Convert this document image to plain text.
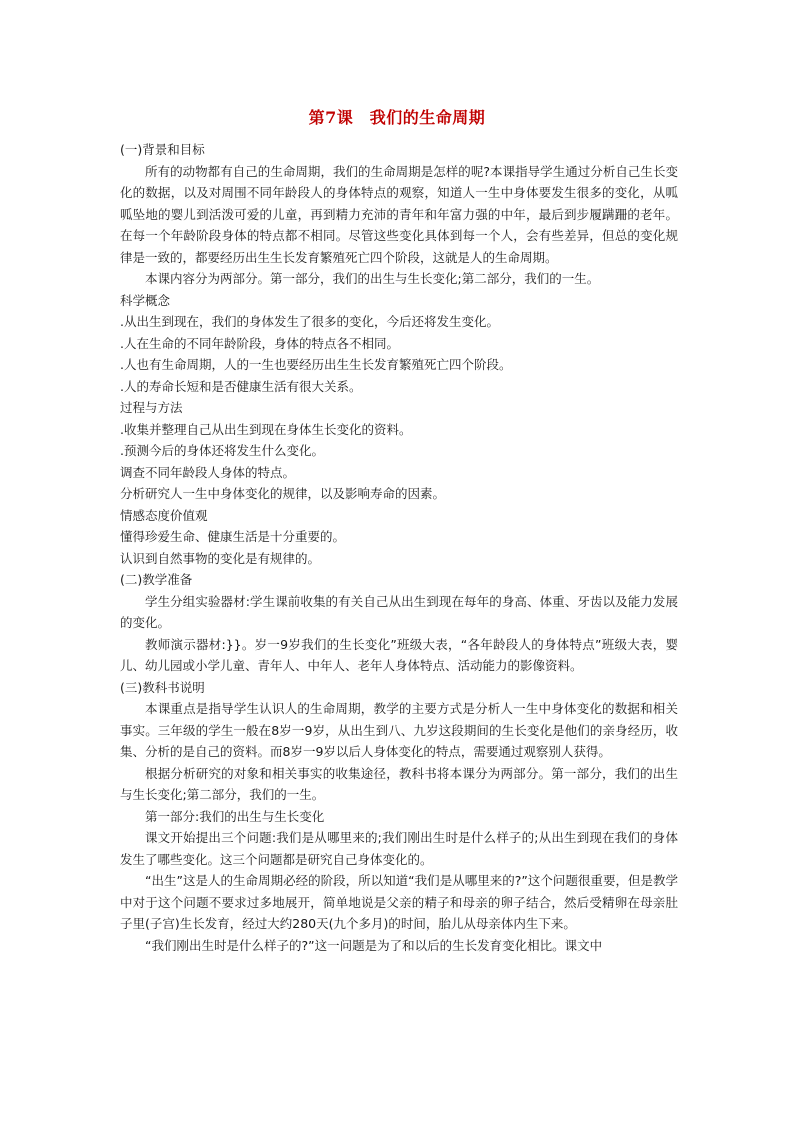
第7课　我们的生命周期

(一)背景和目标

所有的动物都有自己的生命周期，我们的生命周期是怎样的呢?本课指导学生通过分析自己生长变化的数据，以及对周围不同年龄段人的身体特点的观察，知道人一生中身体要发生很多的变化，从呱呱坠地的婴儿到活泼可爱的儿童，再到精力充沛的青年和年富力强的中年，最后到步履蹒跚的老年。在每一个年龄阶段身体的特点都不相同。尽管这些变化具体到每一个人，会有些差异，但总的变化规律是一致的，都要经历出生生长发育繁殖死亡四个阶段，这就是人的生命周期。

本课内容分为两部分。第一部分，我们的出生与生长变化;第二部分，我们的一生。

科学概念

.从出生到现在，我们的身体发生了很多的变化，今后还将发生变化。

.人在生命的不同年龄阶段，身体的特点各不相同。

.人也有生命周期，人的一生也要经历出生生长发育繁殖死亡四个阶段。

.人的寿命长短和是否健康生活有很大关系。

过程与方法

.收集并整理自己从出生到现在身体生长变化的资料。

.预测今后的身体还将发生什么变化。

调查不同年龄段人身体的特点。

分析研究人一生中身体变化的规律，以及影响寿命的因素。

情感态度价值观

懂得珍爱生命、健康生活是十分重要的。

认识到自然事物的变化是有规律的。

(二)教学准备

学生分组实验器材:学生课前收集的有关自己从出生到现在每年的身高、体重、牙齿以及能力发展的变化。

教师演示器材:}}。岁一9岁我们的生长变化”班级大表，“各年龄段人的身体特点”班级大表，婴儿、幼儿园或小学儿童、青年人、中年人、老年人身体特点、活动能力的影像资料。

(三)教科书说明

本课重点是指导学生认识人的生命周期，教学的主要方式是分析人一生中身体变化的数据和相关事实。三年级的学生一般在8岁一9岁，从出生到八、九岁这段期间的生长变化是他们的亲身经历，收集、分析的是自己的资料。而8岁一9岁以后人身体变化的特点，需要通过观察别人获得。

根据分析研究的对象和相关事实的收集途径，教科书将本课分为两部分。第一部分，我们的出生与生长变化;第二部分，我们的一生。

第一部分:我们的出生与生长变化

课文开始提出三个问题:我们是从哪里来的;我们刚出生时是什么样子的;从出生到现在我们的身体发生了哪些变化。这三个问题都是研究自己身体变化的。

“出生”这是人的生命周期必经的阶段，所以知道“我们是从哪里来的?”这个问题很重要，但是教学中对于这个问题不要求过多地展开，简单地说是父亲的精子和母亲的卵子结合，然后受精卵在母亲肚子里(子宫)生长发育，经过大约280天(九个多月)的时间，胎儿从母亲体内生下来。

“我们刚出生时是什么样子的?”这一问题是为了和以后的生长发育变化相比。课文中
